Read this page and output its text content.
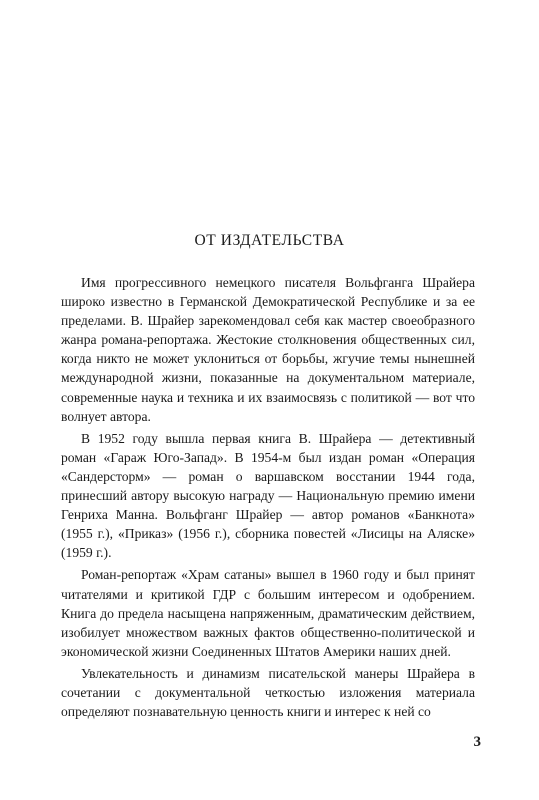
ОТ ИЗДАТЕЛЬСТВА

Имя прогрессивного немецкого писателя Вольфганга Шрайера широко известно в Германской Демократической Республике и за ее пределами. В. Шрайер зарекомендовал себя как мастер своеобразного жанра романа-репортажа. Жестокие столкновения общественных сил, когда никто не может уклониться от борьбы, жгучие темы нынешней международной жизни, показанные на документальном материале, современные наука и техника и их взаимосвязь с политикой — вот что волнует автора.

В 1952 году вышла первая книга В. Шрайера — детективный роман «Гараж Юго-Запад». В 1954-м был издан роман «Операция «Сандерсторм» — роман о варшавском восстании 1944 года, принесший автору высокую награду — Национальную премию имени Генриха Манна. Вольфганг Шрайер — автор романов «Банкнота» (1955 г.), «Приказ» (1956 г.), сборника повестей «Лисицы на Аляске» (1959 г.).

Роман-репортаж «Храм сатаны» вышел в 1960 году и был принят читателями и критикой ГДР с большим интересом и одобрением. Книга до предела насыщена напряженным, драматическим действием, изобилует множеством важных фактов общественно-политической и экономической жизни Соединенных Штатов Америки наших дней.

Увлекательность и динамизм писательской манеры Шрайера в сочетании с документальной четкостью изложения материала определяют познавательную ценность книги и интерес к ней со

3
